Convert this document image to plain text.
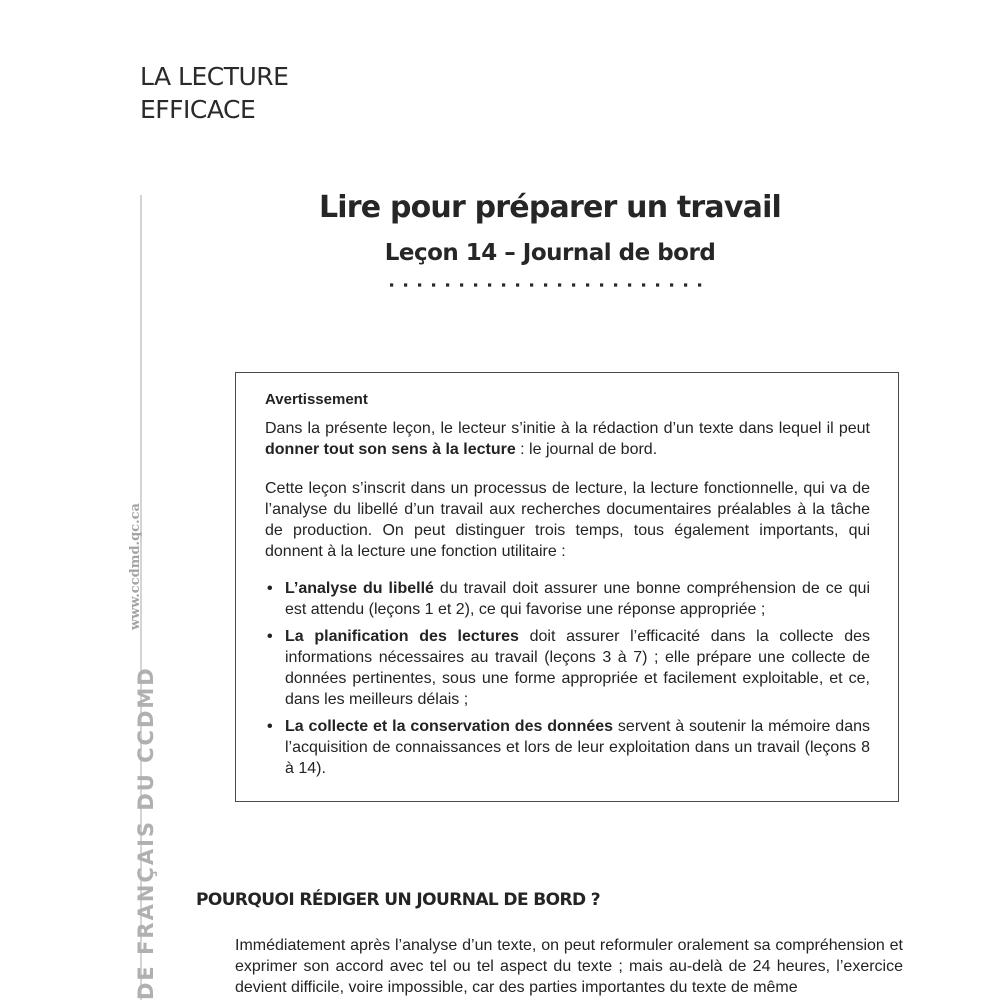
LA LECTURE
EFFICACE
www.ccdmd.qc.ca
DE FRANÇAIS DU CCDMD
Lire pour préparer un travail
Leçon 14 – Journal de bord
Avertissement

Dans la présente leçon, le lecteur s’initie à la rédaction d’un texte dans lequel il peut donner tout son sens à la lecture : le journal de bord.

Cette leçon s’inscrit dans un processus de lecture, la lecture fonctionnelle, qui va de l’analyse du libellé d’un travail aux recherches documentaires préalables à la tâche de production. On peut distinguer trois temps, tous également importants, qui donnent à la lecture une fonction utilitaire :

• L’analyse du libellé du travail doit assurer une bonne compréhension de ce qui est attendu (leçons 1 et 2), ce qui favorise une réponse appropriée ;
• La planification des lectures doit assurer l’efficacité dans la collecte des informations nécessaires au travail (leçons 3 à 7) ; elle prépare une collecte de données pertinentes, sous une forme appropriée et facilement exploitable, et ce, dans les meilleurs délais ;
• La collecte et la conservation des données servent à soutenir la mémoire dans l’acquisition de connaissances et lors de leur exploitation dans un travail (leçons 8 à 14).
POURQUOI RÉDIGER UN JOURNAL DE BORD ?

Immédiatement après l’analyse d’un texte, on peut reformuler oralement sa compréhension et exprimer son accord avec tel ou tel aspect du texte ; mais au-delà de 24 heures, l’exercice devient difficile, voire impossible, car des parties importantes du texte de même
